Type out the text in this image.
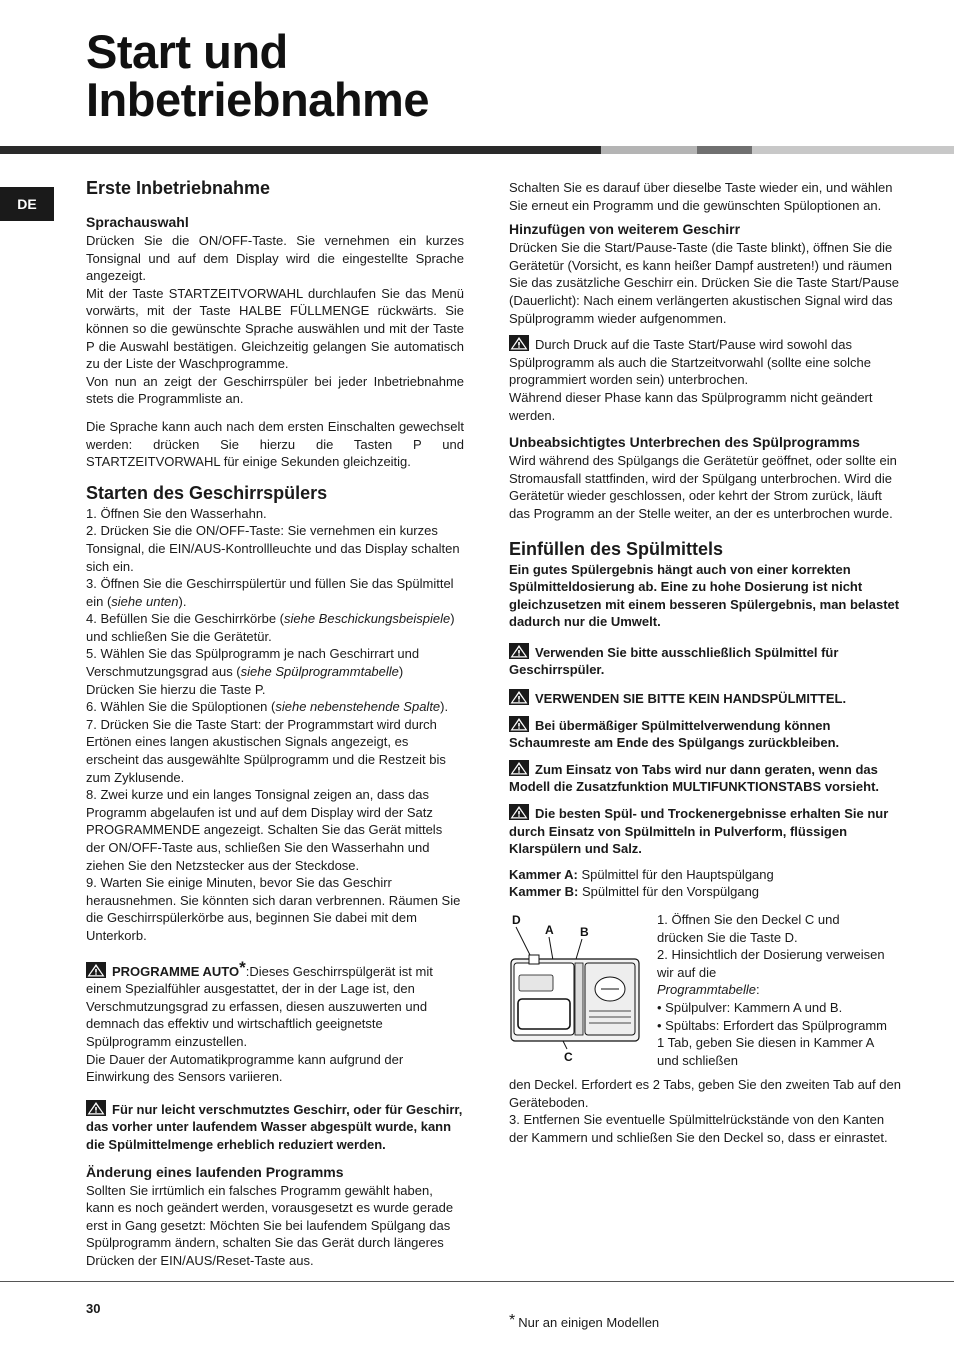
Start und
Inbetriebnahme
DE
Erste Inbetriebnahme
Sprachauswahl

Drücken Sie die ON/OFF-Taste. Sie vernehmen ein kurzes Tonsignal und auf dem Display wird die eingestellte Sprache angezeigt.

Mit der Taste STARTZEITVORWAHL durchlaufen Sie das Menü vorwärts, mit der Taste HALBE FÜLLMENGE rückwärts. Sie können so die gewünschte Sprache auswählen und mit der Taste P die Auswahl bestätigen. Gleichzeitig gelangen Sie automatisch zu der Liste der Waschprogramme.

Von nun an zeigt der Geschirrspüler bei jeder Inbetriebnahme stets die Programmliste an.

Die Sprache kann auch nach dem ersten Einschalten gewechselt werden: drücken Sie hierzu die Tasten P und STARTZEITVORWAHL für einige Sekunden gleichzeitig.

Starten des Geschirrspülers

1. Öffnen Sie den Wasserhahn.

2. Drücken Sie die ON/OFF-Taste: Sie vernehmen ein kurzes Tonsignal, die EIN/AUS-Kontrollleuchte und das Display schalten sich ein.

3. Öffnen Sie die Geschirrspülertür und füllen Sie das Spülmittel ein (siehe unten).

4. Befüllen Sie die Geschirrkörbe (siehe Beschickungsbeispiele) und schließen Sie die Gerätetür.

5. Wählen Sie das Spülprogramm je nach Geschirrart und Verschmutzungsgrad aus (siehe Spülprogrammtabelle)

Drücken Sie hierzu die Taste P.

6. Wählen Sie die Spüloptionen (siehe nebenstehende Spalte).

7. Drücken Sie die Taste Start: der Programmstart wird durch Ertönen eines langen akustischen Signals angezeigt, es erscheint das ausgewählte Spülprogramm und die Restzeit bis zum Zyklusende.

8. Zwei kurze und ein langes Tonsignal zeigen an, dass das Programm abgelaufen ist und auf dem Display wird der Satz PROGRAMMENDE angezeigt. Schalten Sie das Gerät mittels der ON/OFF-Taste aus, schließen Sie den Wasserhahn und ziehen Sie den Netzstecker aus der Steckdose.

9. Warten Sie einige Minuten, bevor Sie das Geschirr herausnehmen. Sie könnten sich daran verbrennen. Räumen Sie die Geschirrspülerkörbe aus, beginnen Sie dabei mit dem Unterkorb.

PROGRAMME AUTO*:Dieses Geschirrspülgerät ist mit einem Spezialfühler ausgestattet, der in der Lage ist, den Verschmutzungsgrad zu erfassen, diesen auszuwerten und demnach das effektiv und wirtschaftlich geeignetste Spülprogramm einzustellen.

Die Dauer der Automatikprogramme kann aufgrund der Einwirkung des Sensors variieren.

Für nur leicht verschmutztes Geschirr, oder für Geschirr, das vorher unter laufendem Wasser abgespült wurde, kann die Spülmittelmenge erheblich reduziert werden.

Änderung eines laufenden Programms

Sollten Sie irrtümlich ein falsches Programm gewählt haben, kann es noch geändert werden, vorausgesetzt es wurde gerade erst in Gang gesetzt: Möchten Sie bei laufendem Spülgang das Spülprogramm ändern, schalten Sie das Gerät durch längeres Drücken der EIN/AUS/Reset-Taste aus.

Schalten Sie es darauf über dieselbe Taste wieder ein, und wählen Sie erneut ein Programm und die gewünschten Spüloptionen an.

Hinzufügen von weiterem Geschirr

Drücken Sie die Start/Pause-Taste (die Taste blinkt), öffnen Sie die Gerätetür (Vorsicht, es kann heißer Dampf austreten!) und räumen Sie das zusätzliche Geschirr ein. Drücken Sie die Taste Start/Pause (Dauerlicht): Nach einem verlängerten akustischen Signal wird das Spülprogramm wieder aufgenommen.

Durch Druck auf die Taste Start/Pause wird sowohl das Spülprogramm als auch die Startzeitvorwahl (sollte eine solche programmiert worden sein) unterbrochen.

Während dieser Phase kann das Spülprogramm nicht geändert werden.

Unbeabsichtigtes Unterbrechen des Spülprogramms

Wird während des Spülgangs die Gerätetür geöffnet, oder sollte ein Stromausfall stattfinden, wird der Spülgang unterbrochen. Wird die Gerätetür wieder geschlossen, oder kehrt der Strom zurück, läuft das Programm an der Stelle weiter, an der es unterbrochen wurde.

Einfüllen des Spülmittels

Ein gutes Spülergebnis hängt auch von einer korrekten Spülmitteldosierung ab. Eine zu hohe Dosierung ist nicht gleichzusetzen mit einem besseren Spülergebnis, man belastet dadurch nur die Umwelt.

Verwenden Sie bitte ausschließlich Spülmittel für Geschirrspüler.

VERWENDEN SIE BITTE KEIN HANDSPÜLMITTEL.

Bei übermäßiger Spülmittelverwendung können Schaumreste am Ende des Spülgangs zurückbleiben.

Zum Einsatz von Tabs wird nur dann geraten, wenn das Modell die Zusatzfunktion MULTIFUNKTIONSTABS vorsieht.

Die besten Spül- und Trockenergebnisse erhalten Sie nur durch Einsatz von Spülmitteln in Pulverform, flüssigen Klarspülern und Salz.

Kammer A: Spülmittel für den Hauptspülgang

Kammer B: Spülmittel für den Vorspülgang

D
A B
C

1. Öffnen Sie den Deckel C und drücken Sie die Taste D.

2. Hinsichtlich der Dosierung verweisen wir auf die

Programmtabelle:

• Spülpulver: Kammern A und B.

• Spültabs: Erfordert das Spülprogramm 1 Tab, geben Sie diesen in Kammer A und schließen

den Deckel. Erfordert es 2 Tabs, geben Sie den zweiten Tab auf den Geräteboden.

3. Entfernen Sie eventuelle Spülmittelrückstände von den Kanten der Kammern und schließen Sie den Deckel so, dass er einrastet.

30
* Nur an einigen Modellen
